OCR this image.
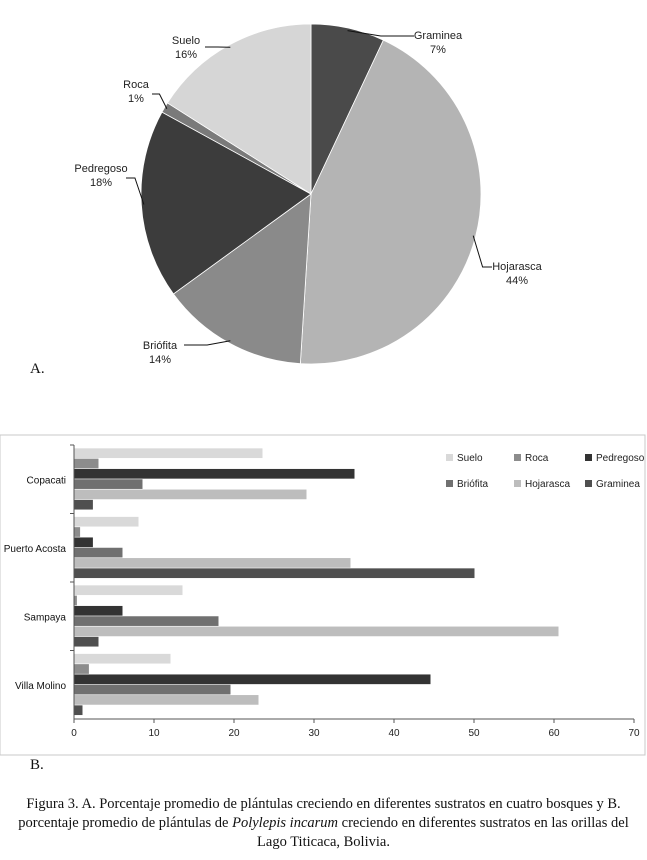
Graminea
7%
Hojarasca
44%
Briófita
14%
Pedregoso
18%
Roca
1%
Suelo
16%
A.
Copacati
Puerto Acosta
Sampaya
Villa Molino
0	10	20	30	40	50	60	70
Suelo	Roca	Pedregoso
Briófita	Hojarasca	Graminea
B.
Figura 3. A. Porcentaje promedio de plántulas creciendo en diferentes sustratos en cuatro bosques y B. porcentaje promedio de plántulas de Polylepis incarum creciendo en diferentes sustratos en las orillas del Lago Titicaca, Bolivia.
